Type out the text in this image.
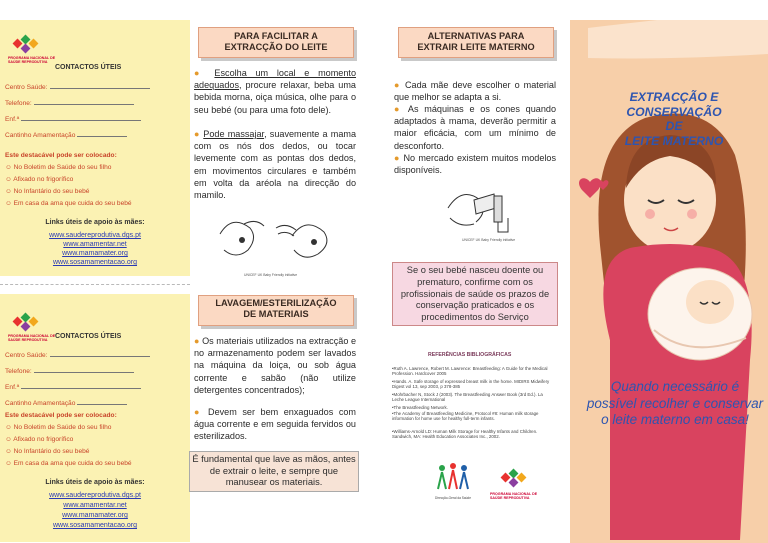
PROGRAMA NACIONAL DE SAÚDE REPRODUTIVA
CONTACTOS ÚTEIS
Centro Saúde:
Telefone:
Enf.ª
Cantinho Amamentação
Este destacável pode ser colocado:
☺ No Boletim de Saúde do seu filho
☺ Afixado no frigorífico
☺ No Infantário do seu bebé
☺ Em casa da ama que cuida do seu bebé
Links úteis de apoio às mães:
www.saudereprodutiva.dgs.pt
www.amamentar.net
www.mamamater.org
www.sosamamentacao.org
PROGRAMA NACIONAL DE SAÚDE REPRODUTIVA	CONTACTOS ÚTEIS
Centro Saúde:
Telefone:
Enf.ª
Cantinho Amamentação
Este destacável pode ser colocado:
☺ No Boletim de Saúde do seu filho
☺ Afixado no frigorífico
☺ No Infantário do seu bebé
☺ Em casa da ama que cuida do seu bebé
Links úteis de apoio às mães:
www.saudereprodutiva.dgs.pt
www.amamentar.net
www.mamamater.org
www.sosamamentacao.org
PARA FACILITAR A
EXTRACÇÃO DO LEITE
● Escolha um local e momento adequados, procure relaxar, beba uma bebida morna, oiça música, olhe para o seu bebé (ou para uma foto dele).
● Pode massajar, suavemente a mama com os nós dos dedos, ou tocar levemente com as pontas dos dedos, em movimentos circulares e também em volta da aréola na direcção do mamilo.
UNICEF UK Baby Friendly initiative
LAVAGEM/ESTERILIZAÇÃO
DE MATERIAIS
● Os materiais utilizados na extracção e no armazenamento podem ser lavados na máquina da loiça, ou sob água corrente e sabão (não utilize detergentes concentrados);
● Devem ser bem enxaguados com água corrente e em seguida fervidos ou esterilizados.
É fundamental que lave as mãos, antes de extrair o leite, e sempre que manusear os materiais.
ALTERNATIVAS PARA
EXTRAIR LEITE MATERNO
● Cada mãe deve escolher o material que melhor se adapta a si.
● As máquinas e os cones quando adaptados à mama, deverão permitir a maior eficácia, com um mínimo de desconforto.
● No mercado existem muitos modelos disponíveis.
UNICEF UK Baby Friendly initiative
Se o seu bebé nasceu doente ou prematuro, confirme com os profissionais de saúde os prazos de conservação praticados e os procedimentos do Serviço
REFERÊNCIAS BIBLIOGRÁFICAS
•Ruth A. Lawrence, Robert M. Lawrence: Breastfeeding: A Guide for the Medical Profession. Hardcover 2005
•Hands. A. Safe storage of expressed breast milk in the home. MIDIRS Midwifery Digest vol 13, sep 2003, p 378-385
•Mohrbacher N, Stock J (2003). The Breastfeeding Answer Book (3rd Ed.). La Leche League International
•The Breastfeeding Network.
•The Academy of Breastfeeding Medicine, Protocol #8: Human milk storage information for home use for healthy full-term infants.
•Williams-Arnold LD: Human Milk Storage for Healthy Infants and Children. Sandwich, MA: Health Education Associates Inc., 2002.
Direcção-Geral da Saúde
PROGRAMA NACIONAL DE SAÚDE REPRODUTIVA
EXTRACÇÃO E
CONSERVAÇÃO
DE
LEITE MATERNO
Quando necessário é possível recolher e conservar o leite materno em casa!
